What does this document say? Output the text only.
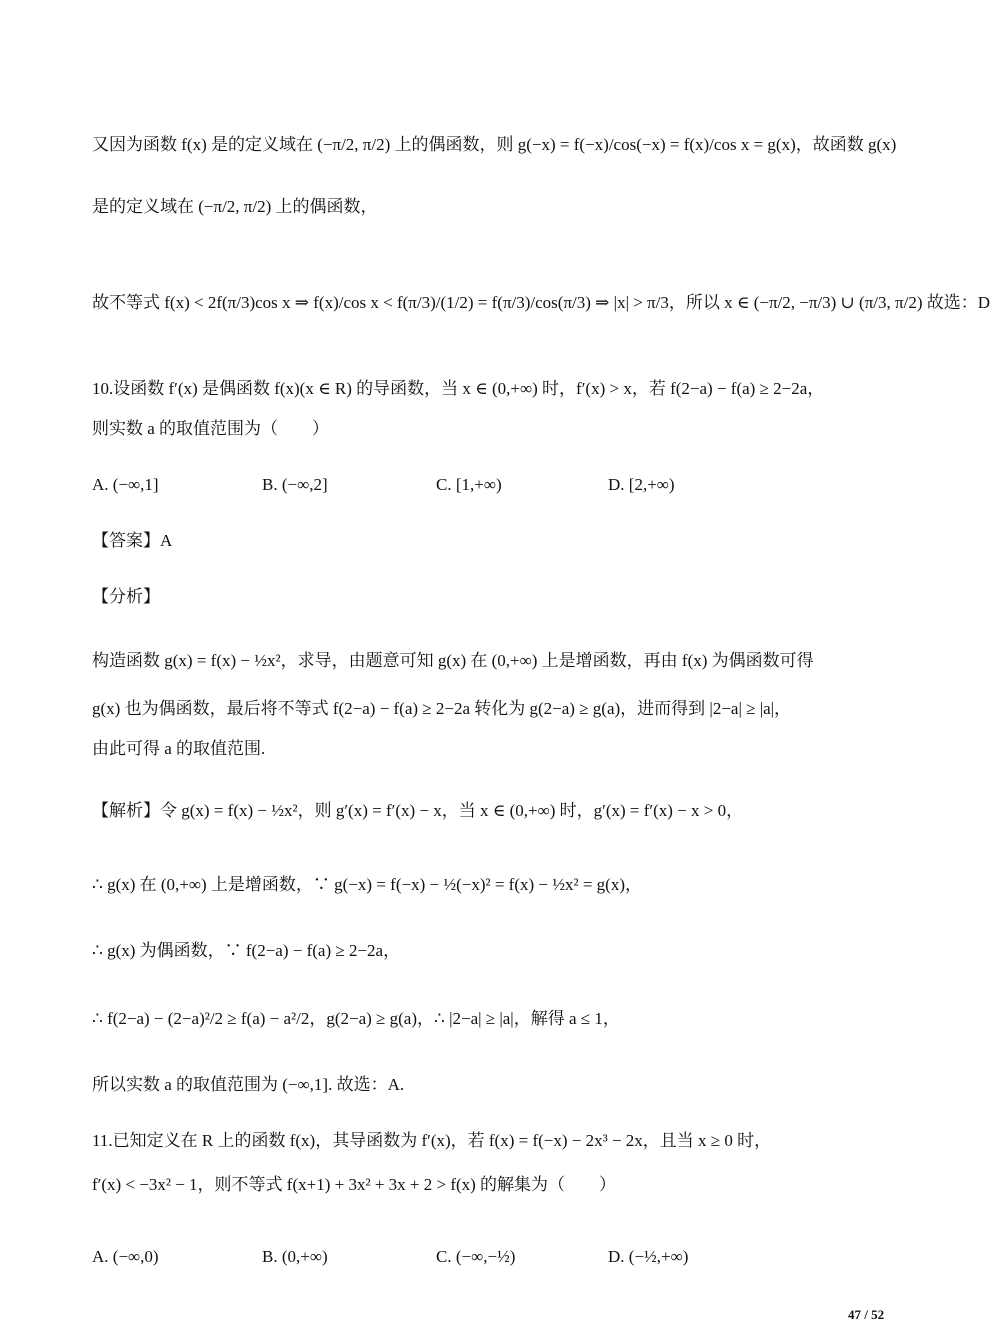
又因为函数 f(x) 是的定义域在 (−π/2, π/2) 上的偶函数，则 g(−x) = f(−x)/cos(−x) = f(x)/cos x = g(x)，故函数 g(x)
是的定义域在 (−π/2, π/2) 上的偶函数，
故不等式 f(x) < 2f(π/3)cos x ⇒ f(x)/cos x < f(π/3)/(1/2) = f(π/3)/cos(π/3) ⇒ |x| > π/3，所以 x ∈ (−π/2, −π/3) ∪ (π/3, π/2) 故选：D
10.设函数 f′(x) 是偶函数 f(x)(x ∈ R) 的导函数，当 x ∈ (0,+∞) 时，f′(x) > x，若 f(2−a) − f(a) ≥ 2−2a，
则实数 a 的取值范围为（　　）
A. (−∞,1]	B. (−∞,2]	C. [1,+∞)	D. [2,+∞)
【答案】A
【分析】
构造函数 g(x) = f(x) − ½x²，求导，由题意可知 g(x) 在 (0,+∞) 上是增函数，再由 f(x) 为偶函数可得
g(x) 也为偶函数，最后将不等式 f(2−a) − f(a) ≥ 2−2a 转化为 g(2−a) ≥ g(a)，进而得到 |2−a| ≥ |a|，
由此可得 a 的取值范围.
【解析】令 g(x) = f(x) − ½x²，则 g′(x) = f′(x) − x，当 x ∈ (0,+∞) 时，g′(x) = f′(x) − x > 0，
∴ g(x) 在 (0,+∞) 上是增函数，∵ g(−x) = f(−x) − ½(−x)² = f(x) − ½x² = g(x)，
∴ g(x) 为偶函数，∵ f(2−a) − f(a) ≥ 2−2a，
∴ f(2−a) − (2−a)²/2 ≥ f(a) − a²/2，g(2−a) ≥ g(a)，∴ |2−a| ≥ |a|，解得 a ≤ 1，
所以实数 a 的取值范围为 (−∞,1]. 故选：A.
11.已知定义在 R 上的函数 f(x)，其导函数为 f′(x)，若 f(x) = f(−x) − 2x³ − 2x，且当 x ≥ 0 时，
f′(x) < −3x² − 1，则不等式 f(x+1) + 3x² + 3x + 2 > f(x) 的解集为（　　）
A. (−∞,0)	B. (0,+∞)	C. (−∞,−½)	D. (−½,+∞)
47 / 52
